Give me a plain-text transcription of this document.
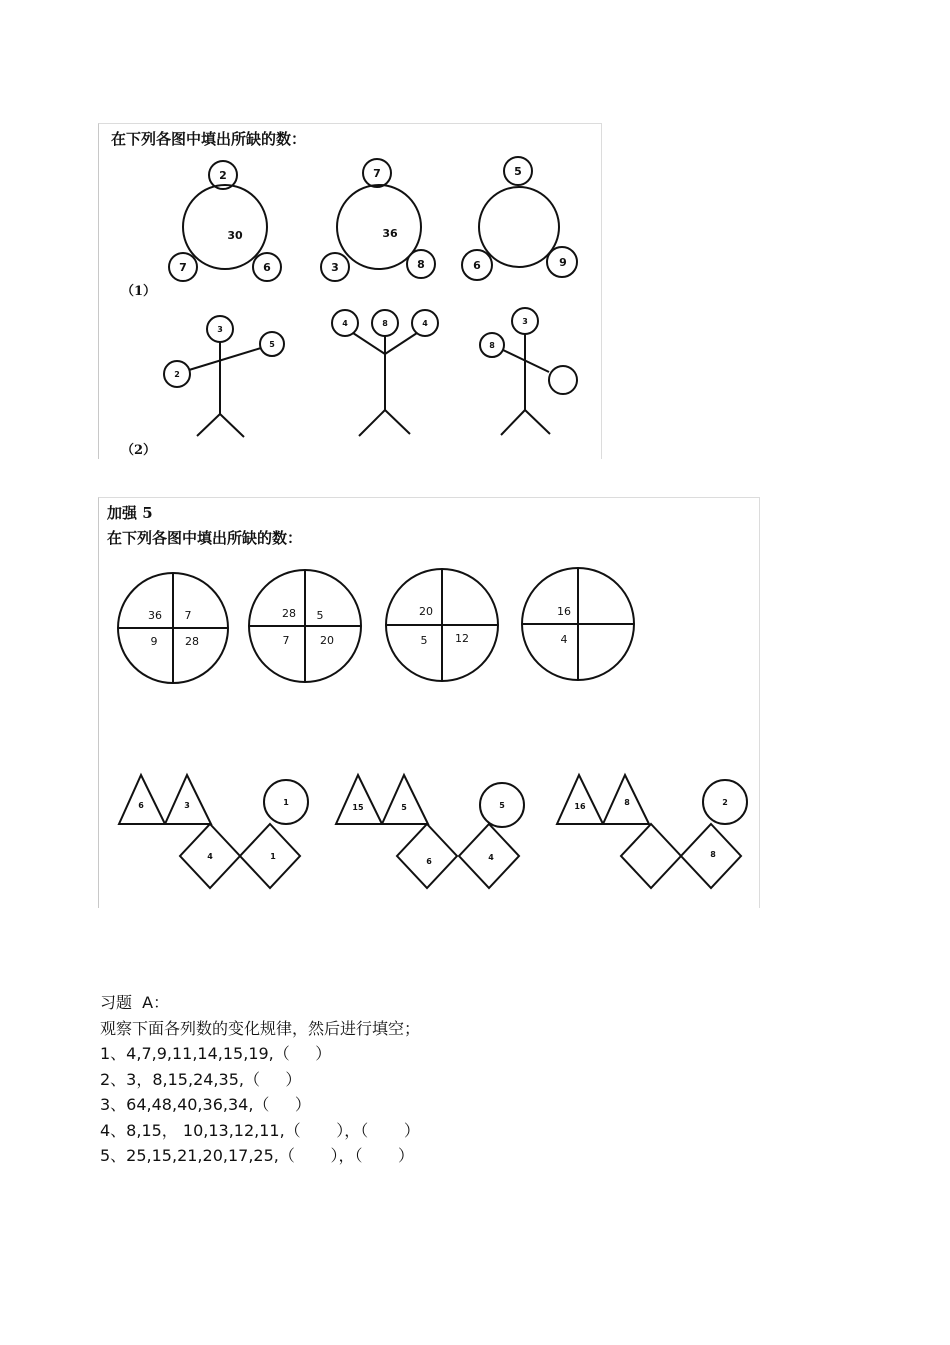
在下列各图中填出所缺的数：
（1）
（2）
2
30
7	6
7
36
3	8
5
6	9
3
2
5
4	8	4	3
8
加强 5
在下列各图中填出所缺的数：
36 7
9	28
28 5
7	20
20
5	12
16
4
6	3	1
4	1
15	5	5
6	4
16	8	2
8
习题  A：
观察下面各列数的变化规律，然后进行填空；
1、4,7,9,11,14,15,19,（     ）
2、3，8,15,24,35,（     ）
3、64,48,40,36,34,（     ）
4、8,15， 10,13,12,11,（       ），（       ）
5、25,15,21,20,17,25,（       ），（       ）
